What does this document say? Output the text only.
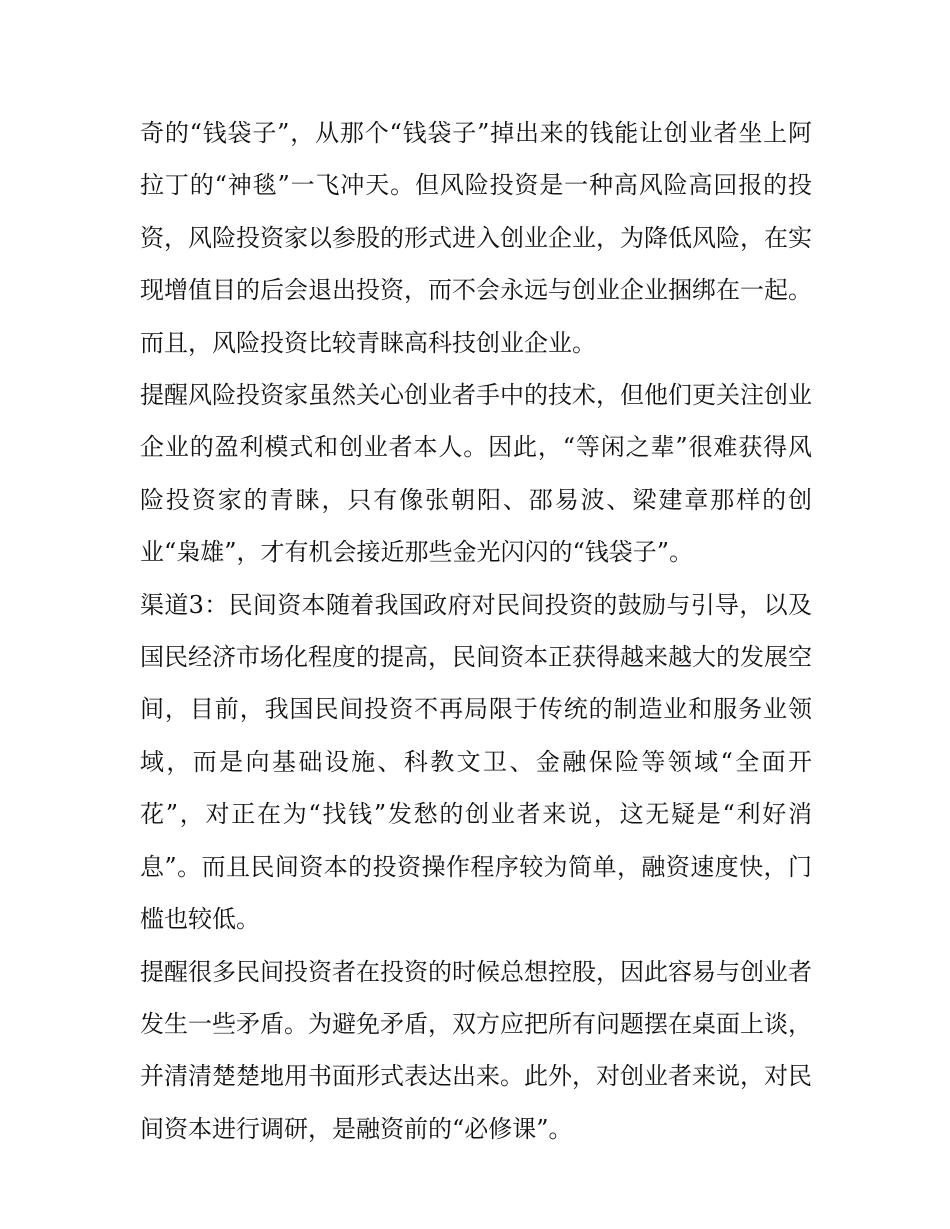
奇的“钱袋子”，从那个“钱袋子”掉出来的钱能让创业者坐上阿拉丁的“神毯”一飞冲天。但风险投资是一种高风险高回报的投资，风险投资家以参股的形式进入创业企业，为降低风险，在实现增值目的后会退出投资，而不会永远与创业企业捆绑在一起。而且，风险投资比较青睐高科技创业企业。

提醒风险投资家虽然关心创业者手中的技术，但他们更关注创业企业的盈利模式和创业者本人。因此，“等闲之辈”很难获得风险投资家的青睐，只有像张朝阳、邵易波、梁建章那样的创业“枭雄”，才有机会接近那些金光闪闪的“钱袋子”。

渠道3：民间资本随着我国政府对民间投资的鼓励与引导，以及国民经济市场化程度的提高，民间资本正获得越来越大的发展空间，目前，我国民间投资不再局限于传统的制造业和服务业领域，而是向基础设施、科教文卫、金融保险等领域“全面开花”，对正在为“找钱”发愁的创业者来说，这无疑是“利好消息”。而且民间资本的投资操作程序较为简单，融资速度快，门槛也较低。

提醒很多民间投资者在投资的时候总想控股，因此容易与创业者发生一些矛盾。为避免矛盾，双方应把所有问题摆在桌面上谈，并清清楚楚地用书面形式表达出来。此外，对创业者来说，对民间资本进行调研，是融资前的“必修课”。
